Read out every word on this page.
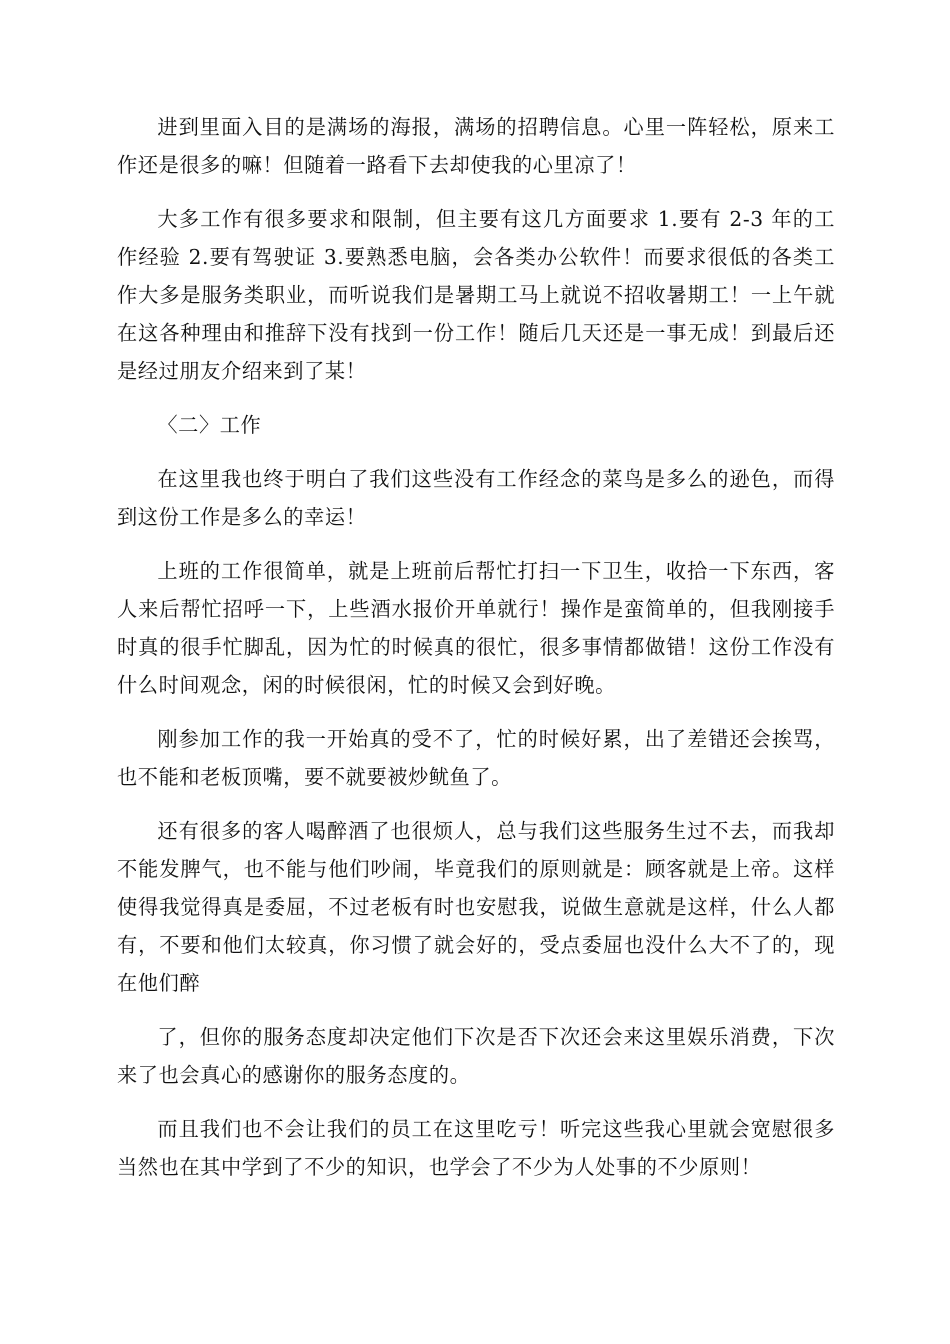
进到里面入目的是满场的海报，满场的招聘信息。心里一阵轻松，原来工作还是很多的嘛！但随着一路看下去却使我的心里凉了！

大多工作有很多要求和限制，但主要有这几方面要求 1.要有 2-3 年的工作经验 2.要有驾驶证 3.要熟悉电脑，会各类办公软件！而要求很低的各类工作大多是服务类职业，而听说我们是暑期工马上就说不招收暑期工！一上午就在这各种理由和推辞下没有找到一份工作！随后几天还是一事无成！到最后还是经过朋友介绍来到了某！

〈二〉工作

在这里我也终于明白了我们这些没有工作经念的菜鸟是多么的逊色，而得到这份工作是多么的幸运！

上班的工作很简单，就是上班前后帮忙打扫一下卫生，收拾一下东西，客人来后帮忙招呼一下，上些酒水报价开单就行！操作是蛮简单的，但我刚接手时真的很手忙脚乱，因为忙的时候真的很忙，很多事情都做错！这份工作没有什么时间观念，闲的时候很闲，忙的时候又会到好晚。

刚参加工作的我一开始真的受不了，忙的时候好累，出了差错还会挨骂，也不能和老板顶嘴，要不就要被炒鱿鱼了。

还有很多的客人喝醉酒了也很烦人，总与我们这些服务生过不去，而我却不能发脾气，也不能与他们吵闹，毕竟我们的原则就是：顾客就是上帝。这样使得我觉得真是委屈，不过老板有时也安慰我，说做生意就是这样，什么人都有，不要和他们太较真，你习惯了就会好的，受点委屈也没什么大不了的，现在他们醉

了，但你的服务态度却决定他们下次是否下次还会来这里娱乐消费，下次来了也会真心的感谢你的服务态度的。

而且我们也不会让我们的员工在这里吃亏！听完这些我心里就会宽慰很多当然也在其中学到了不少的知识，也学会了不少为人处事的不少原则！
